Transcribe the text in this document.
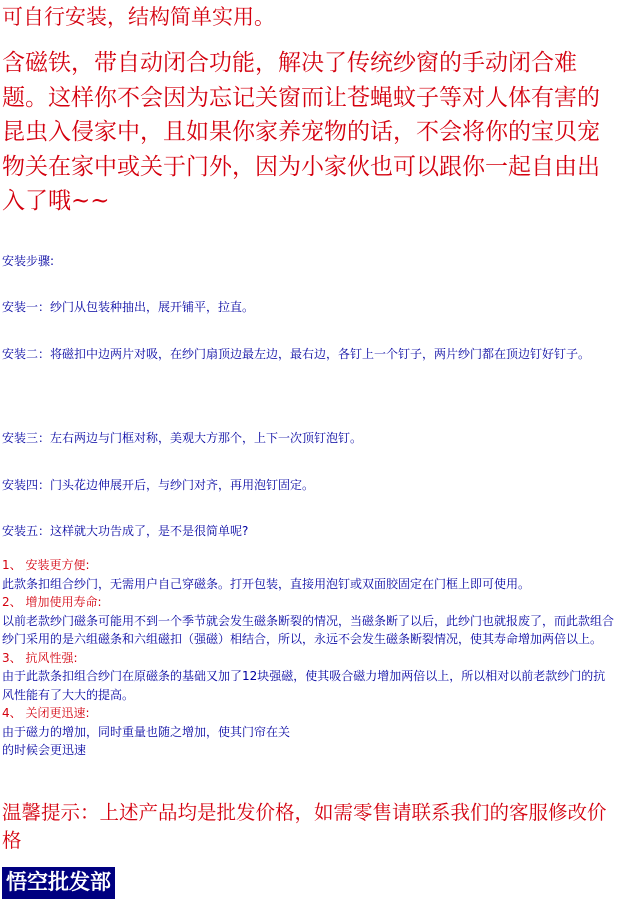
可自行安装，结构简单实用。
含磁铁，带自动闭合功能，解决了传统纱窗的手动闭合难题。这样你不会因为忘记关窗而让苍蝇蚊子等对人体有害的昆虫入侵家中，且如果你家养宠物的话，不会将你的宝贝宠物关在家中或关于门外，因为小家伙也可以跟你一起自由出入了哦~~
安装步骤:
安装一：纱门从包装种抽出，展开铺平，拉直。
安装二：将磁扣中边两片对吸，在纱门扇顶边最左边，最右边，各钉上一个钉子，两片纱门都在顶边钉好钉子。
安装三：左右两边与门框对称，美观大方那个，上下一次顶钉泡钉。
安装四：门头花边伸展开后，与纱门对齐，再用泡钉固定。
安装五：这样就大功告成了，是不是很简单呢?
1、 安装更方便:
此款条扣组合纱门，无需用户自己穿磁条。打开包装，直接用泡钉或双面胶固定在门框上即可使用。
2、 增加使用寿命:
以前老款纱门磁条可能用不到一个季节就会发生磁条断裂的情况，当磁条断了以后，此纱门也就报废了，而此款组合纱门采用的是六组磁条和六组磁扣（强磁）相结合，所以，永远不会发生磁条断裂情况，使其寿命增加两倍以上。
3、 抗风性强:
由于此款条扣组合纱门在原磁条的基础又加了12块强磁，使其吸合磁力增加两倍以上，所以相对以前老款纱门的抗风性能有了大大的提高。
4、 关闭更迅速:
由于磁力的增加，同时重量也随之增加，使其门帘在关
的时候会更迅速
温馨提示：上述产品均是批发价格，如需零售请联系我们的客服修改价格
悟空批发部
